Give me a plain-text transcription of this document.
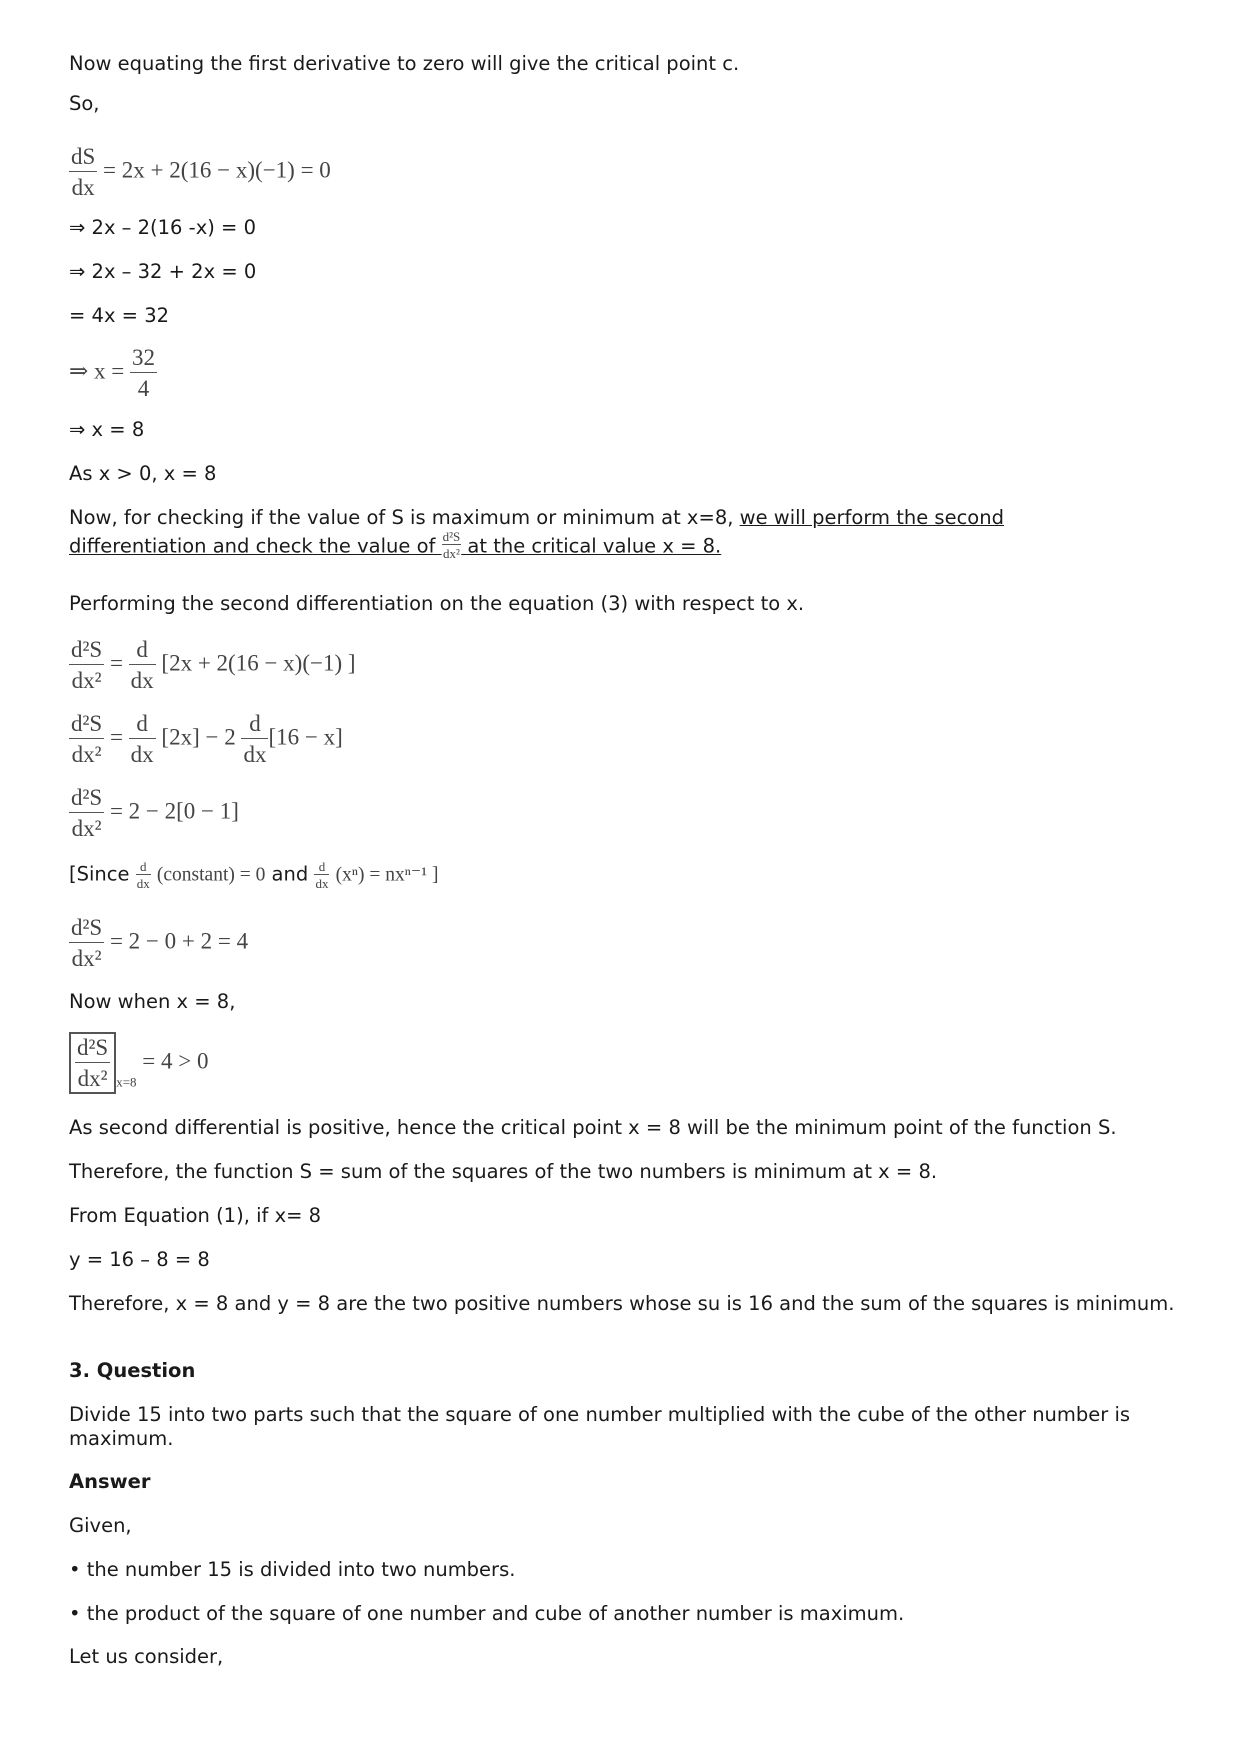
Now equating the first derivative to zero will give the critical point c.

So,

$\frac{dS}{dx} = 2x + 2(16 - x)(-1) = 0$

⇒ 2x – 2(16 -x) = 0

⇒ 2x – 32 + 2x = 0

= 4x = 32

⇒ $x = \frac{32}{4}$

⇒ x = 8

As x > 0, x = 8

Now, for checking if the value of S is maximum or minimum at x=8, we will perform the second

differentiation and check the value of $\frac{\text{d²S}}{\text{dx²}}$ at the critical value x = 8.

Performing the second differentiation on the equation (3) with respect to x.

$\frac{\text{d²S}}{\text{dx²}} = \frac{d}{dx} [2x + 2(16 - x)(-1)$ ]
$\frac{\text{d²S}}{\text{dx²}} = \frac{d}{dx} [2x] - 2 \frac{d}{dx} [16 - x]$
$\frac{\text{d²S}}{\text{dx²}} = 2 - 2[0 - 1]$

[Since $\frac{d}{dx}$ (constant) = 0 and $\frac{d}{dx} (x^n) = nx^{n-1}$ ]

$\frac{\text{d²S}}{\text{dx²}} = 2 - 0 + 2 = 4$

Now when x = 8,

$\frac{\text{d²S}}{\text{dx²}} _{x=8} = 4 > 0$

As second differential is positive, hence the critical point x = 8 will be the minimum point of the function S.

Therefore, the function S = sum of the squares of the two numbers is minimum at x = 8.

From Equation (1), if x= 8

y = 16 – 8 = 8

Therefore, x = 8 and y = 8 are the two positive numbers whose su is 16 and the sum of the squares is minimum.

3. Question

Divide 15 into two parts such that the square of one number multiplied with the cube of the other number is maximum.

Answer

Given,

• the number 15 is divided into two numbers.

• the product of the square of one number and cube of another number is maximum.

Let us consider,
